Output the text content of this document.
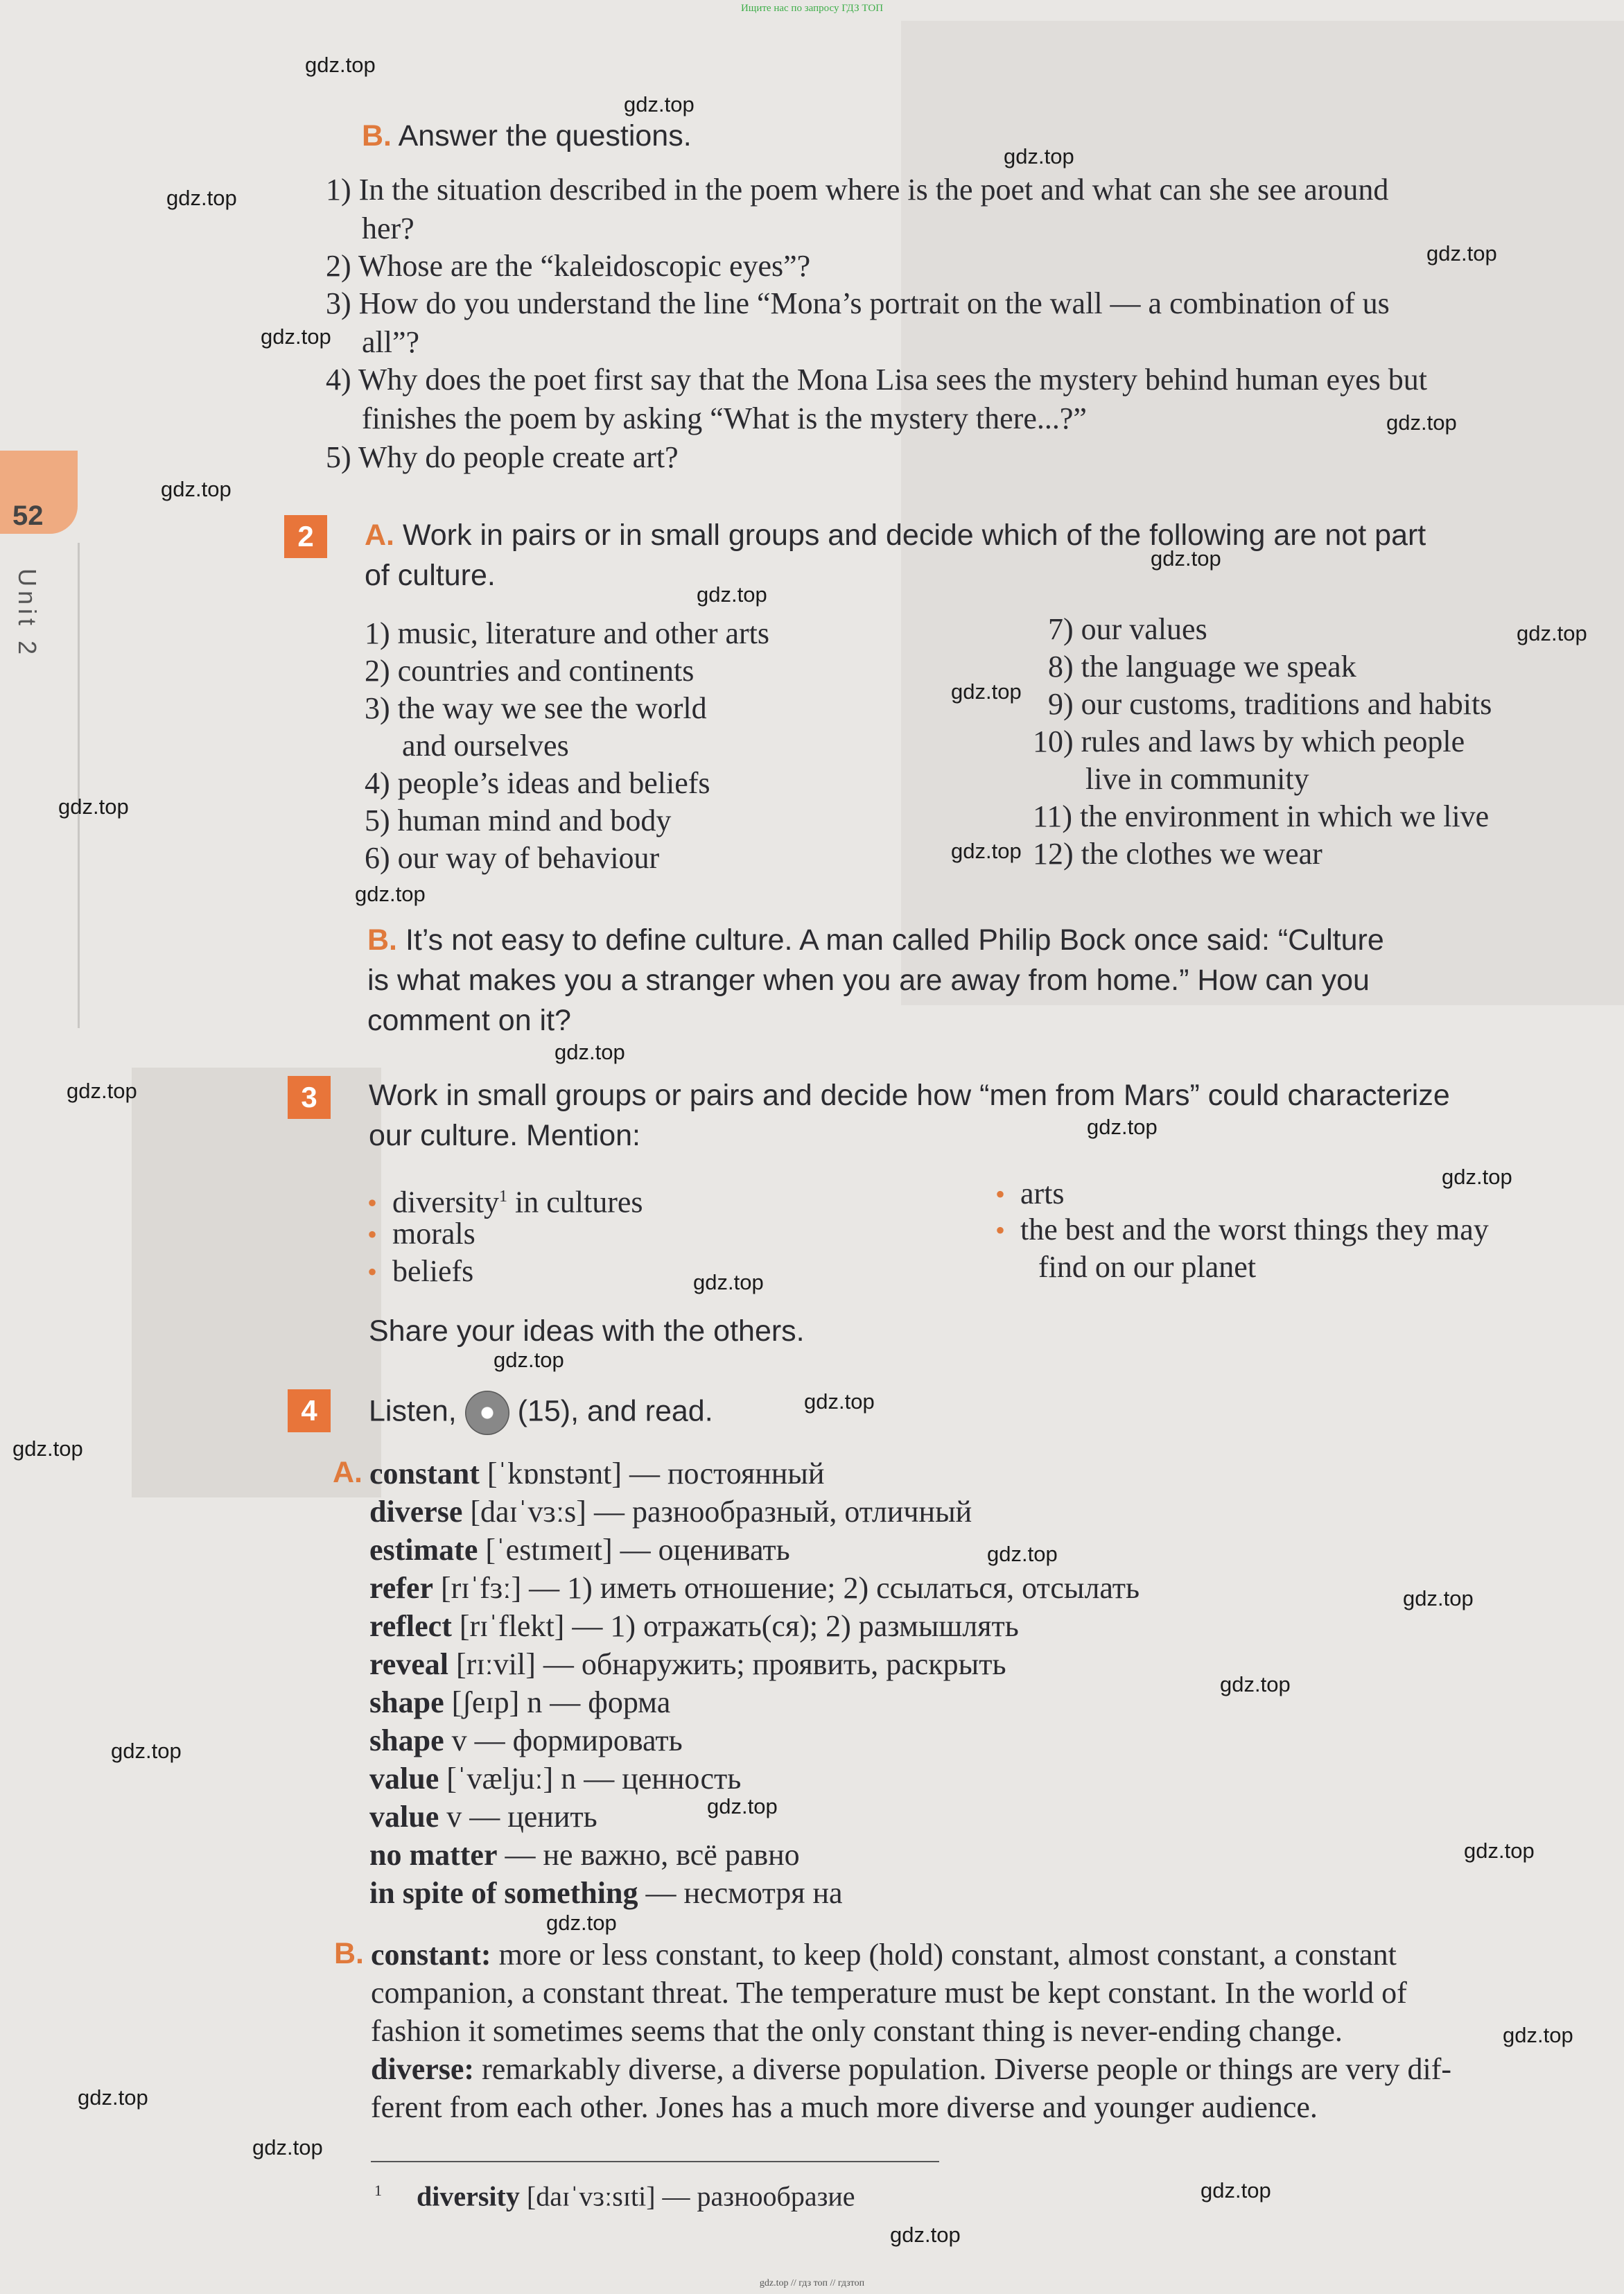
Ищите нас по запросу ГДЗ ТОП
gdz.top // гдз топ // гдзтоп
52
Unit 2
B. Answer the questions.
1) In the situation described in the poem where is the poet and what can she see around
her?
2) Whose are the “kaleidoscopic eyes”?
3) How do you understand the line “Mona’s portrait on the wall — a combination of us
all”?
4) Why does the poet first say that the Mona Lisa sees the mystery behind human eyes but
finishes the poem by asking “What is the mystery there...?”
5) Why do people create art?
2	A. Work in pairs or in small groups and decide which of the following are not part
of culture.
1) music, literature and other arts
2) countries and continents
3) the way we see the world
and ourselves
4) people’s ideas and beliefs
5) human mind and body
6) our way of behaviour
7) our values
8) the language we speak
9) our customs, traditions and habits
10) rules and laws by which people
live in community
11) the environment in which we live
12) the clothes we wear
B. It’s not easy to define culture. A man called Philip Bock once said: “Culture
is what makes you a stranger when you are away from home.” How can you
comment on it?
3	Work in small groups or pairs and decide how “men from Mars” could characterize
our culture. Mention:
• diversity$^1$ in cultures
• morals
• beliefs
• arts
• the best and the worst things they may
find on our planet
Share your ideas with the others.
4	Listen, (15), and read.
A. constant [ˈkɒnstənt] — постоянный
diverse [daɪˈvɜːs] — разнообразный, отличный
estimate [ˈestɪmeɪt] — оценивать
refer [rɪˈfɜː] — 1) иметь отношение; 2) ссылаться, отсылать
reflect [rɪˈflekt] — 1) отражать(ся); 2) размышлять
reveal [rɪːvil] — обнаружить; проявить, раскрыть
shape [ʃeɪp] n — форма
shape v — формировать
value [ˈvæljuː] n — ценность
value v — ценить
no matter — не важно, всё равно
in spite of something — несмотря на
B. constant: more or less constant, to keep (hold) constant, almost constant, a constant
companion, a constant threat. The temperature must be kept constant. In the world of
fashion it sometimes seems that the only constant thing is never-ending change.
diverse: remarkably diverse, a diverse population. Diverse people or things are very dif-
ferent from each other. Jones has a much more diverse and younger audience.
$^1$ diversity [daɪˈvɜːsɪti] — разнообразие
gdz.top
gdz.top
gdz.top
gdz.top
gdz.top
gdz.top
gdz.top
gdz.top
gdz.top
gdz.top
gdz.top
gdz.top
gdz.top
gdz.top
gdz.top
gdz.top
gdz.top
gdz.top
gdz.top
gdz.top
gdz.top
gdz.top
gdz.top
gdz.top
gdz.top
gdz.top
gdz.top
gdz.top
gdz.top
gdz.top
gdz.top
gdz.top
gdz.top
gdz.top
gdz.top
